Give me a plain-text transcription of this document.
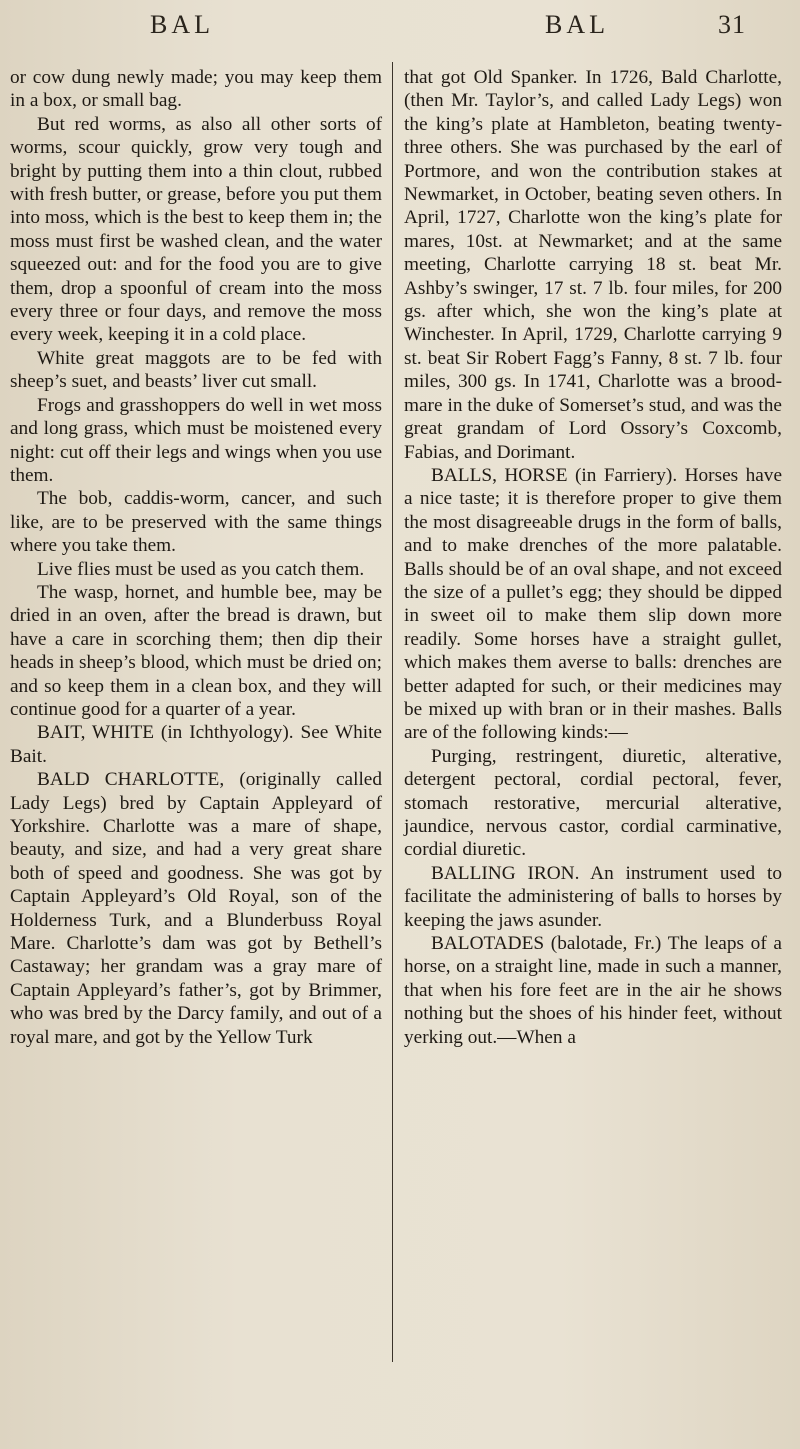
BAL	BAL	31

or cow dung newly made; you may keep them in a box, or small bag.

But red worms, as also all other sorts of worms, scour quickly, grow very tough and bright by putting them into a thin clout, rubbed with fresh butter, or grease, before you put them into moss, which is the best to keep them in; the moss must first be washed clean, and the water squeezed out: and for the food you are to give them, drop a spoonful of cream into the moss every three or four days, and remove the moss every week, keeping it in a cold place.

White great maggots are to be fed with sheep’s suet, and beasts’ liver cut small.

Frogs and grasshoppers do well in wet moss and long grass, which must be moistened every night: cut off their legs and wings when you use them.

The bob, caddis-worm, cancer, and such like, are to be preserved with the same things where you take them.

Live flies must be used as you catch them.

The wasp, hornet, and humble bee, may be dried in an oven, after the bread is drawn, but have a care in scorching them; then dip their heads in sheep’s blood, which must be dried on; and so keep them in a clean box, and they will continue good for a quarter of a year.

BAIT, WHITE (in Ichthyology). See White Bait.

BALD CHARLOTTE, (originally called Lady Legs) bred by Captain Appleyard of Yorkshire. Charlotte was a mare of shape, beauty, and size, and had a very great share both of speed and goodness. She was got by Captain Appleyard’s Old Royal, son of the Holderness Turk, and a Blunderbuss Royal Mare. Charlotte’s dam was got by Bethell’s Castaway; her grandam was a gray mare of Captain Appleyard’s father’s, got by Brimmer, who was bred by the Darcy family, and out of a royal mare, and got by the Yellow Turk

that got Old Spanker. In 1726, Bald Charlotte, (then Mr. Taylor’s, and called Lady Legs) won the king’s plate at Hambleton, beating twenty-three others. She was purchased by the earl of Portmore, and won the contribution stakes at Newmarket, in October, beating seven others. In April, 1727, Charlotte won the king’s plate for mares, 10st. at Newmarket; and at the same meeting, Charlotte carrying 18 st. beat Mr. Ashby’s swinger, 17 st. 7 lb. four miles, for 200 gs. after which, she won the king’s plate at Winchester. In April, 1729, Charlotte carrying 9 st. beat Sir Robert Fagg’s Fanny, 8 st. 7 lb. four miles, 300 gs. In 1741, Charlotte was a brood-mare in the duke of Somerset’s stud, and was the great grandam of Lord Ossory’s Coxcomb, Fabias, and Dorimant.

BALLS, HORSE (in Farriery). Horses have a nice taste; it is therefore proper to give them the most disagreeable drugs in the form of balls, and to make drenches of the more palatable. Balls should be of an oval shape, and not exceed the size of a pullet’s egg; they should be dipped in sweet oil to make them slip down more readily. Some horses have a straight gullet, which makes them averse to balls: drenches are better adapted for such, or their medicines may be mixed up with bran or in their mashes. Balls are of the following kinds:—

Purging, restringent, diuretic, alterative, detergent pectoral, cordial pectoral, fever, stomach restorative, mercurial alterative, jaundice, nervous castor, cordial carminative, cordial diuretic.

BALLING IRON. An instrument used to facilitate the administering of balls to horses by keeping the jaws asunder.

BALOTADES (balotade, Fr.) The leaps of a horse, on a straight line, made in such a manner, that when his fore feet are in the air he shows nothing but the shoes of his hinder feet, without yerking out.—When a
